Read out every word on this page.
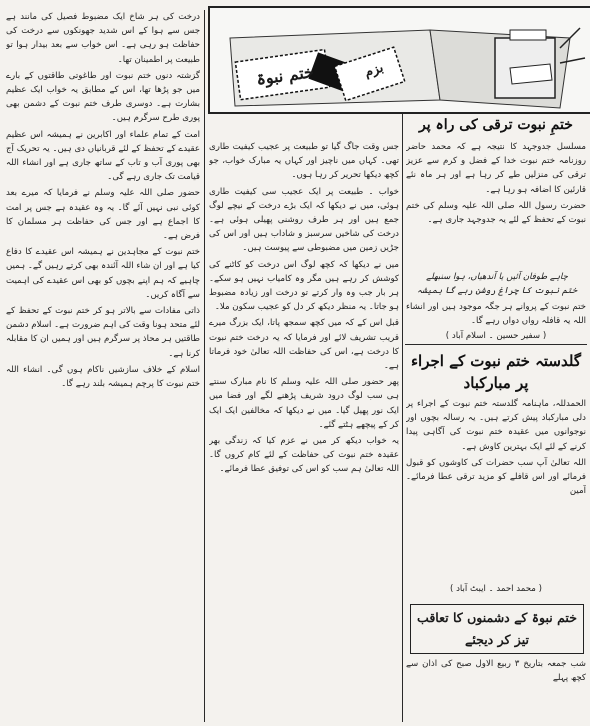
ختم نبوۃ	بزم
ختمِ نبوت ترقی کی راہ پر

مسلسل جدوجہد کا نتیجہ ہے کہ محمد حاضر روزنامہ ختم نبوت خدا کے فضل و کرم سے عزیز ترقی کی منزلیں طے کر رہا ہے اور ہر ماہ نئے قارئین کا اضافہ ہو رہا ہے۔

حضرت رسول اللہ صلی اللہ علیہ وسلم کی ختم نبوت کے تحفظ کے لئے یہ جدوجہد جاری ہے۔

چاہے طوفان آئیں یا آندھیاں، ہوا سنبھلے
ختم نبوت کا چراغ روشن رہے گا ہمیشہ
ختم نبوت کے پروانے ہر جگہ موجود ہیں اور انشاء اللہ یہ قافلہ رواں دواں رہے گا۔
( سفیر حسین ۔ اسلام آباد )
گلدستہ ختم نبوت کے اجراء پر مبارکباد

الحمدللہ، ماہنامہ گلدستہ ختم نبوت کے اجراء پر دلی مبارکباد پیش کرتے ہیں۔ یہ رسالہ بچوں اور نوجوانوں میں عقیدہ ختم نبوت کی آگاہی پیدا کرنے کے لئے ایک بہترین کاوش ہے۔

اللہ تعالیٰ آپ سب حضرات کی کاوشوں کو قبول فرمائے اور اس قافلے کو مزید ترقی عطا فرمائے۔ آمین

( محمد احمد ۔ ایبٹ آباد )
ختم نبوۃ کے دشمنوں کا تعاقب تیز کر دیجئے
شب جمعہ بتاریخ ۳ ربیع الاول صبح کی اذان سے کچھ پہلے

جس وقت جاگ گیا تو طبیعت پر عجیب کیفیت طاری تھی۔ کہاں میں ناچیز اور کہاں یہ مبارک خواب، جو کچھ دیکھا تحریر کر رہا ہوں۔

خواب ۔ طبیعت پر ایک عجیب سی کیفیت طاری ہوئی، میں نے دیکھا کہ ایک بڑے درخت کے نیچے لوگ جمع ہیں اور ہر طرف روشنی پھیلی ہوئی ہے۔ درخت کی شاخیں سرسبز و شاداب ہیں اور اس کی جڑیں زمین میں مضبوطی سے پیوست ہیں۔

میں نے دیکھا کہ کچھ لوگ اس درخت کو کاٹنے کی کوشش کر رہے ہیں مگر وہ کامیاب نہیں ہو سکے۔ ہر بار جب وہ وار کرتے تو درخت اور زیادہ مضبوط ہو جاتا۔ یہ منظر دیکھ کر دل کو عجیب سکون ملا۔

قبل اس کے کہ میں کچھ سمجھ پاتا، ایک بزرگ میرے قریب تشریف لائے اور فرمایا کہ یہ درخت ختم نبوت کا درخت ہے، اس کی حفاظت اللہ تعالیٰ خود فرماتا ہے۔

پھر حضور صلی اللہ علیہ وسلم کا نام مبارک سنتے ہی سب لوگ درود شریف پڑھنے لگے اور فضا میں ایک نور پھیل گیا۔ میں نے دیکھا کہ مخالفین ایک ایک کر کے پیچھے ہٹتے گئے۔

یہ خواب دیکھ کر میں نے عزم کیا کہ زندگی بھر عقیدہ ختم نبوت کی حفاظت کے لئے کام کروں گا۔ اللہ تعالیٰ ہم سب کو اس کی توفیق عطا فرمائے۔

درخت کی ہر شاخ ایک مضبوط فصیل کی مانند ہے جس سے ہوا کے اس شدید جھونکوں سے درخت کی حفاظت ہو رہی ہے۔ اس خواب سے بعد بیدار ہوا تو طبیعت پر اطمینان تھا۔

گزشتہ دنوں ختم نبوت اور طاغوتی طاقتوں کے بارے میں جو پڑھا تھا، اس کے مطابق یہ خواب ایک عظیم بشارت ہے۔ دوسری طرف ختم نبوت کے دشمن بھی پوری طرح سرگرم ہیں۔

امت کے تمام علماء اور اکابرین نے ہمیشہ اس عظیم عقیدے کے تحفظ کے لئے قربانیاں دی ہیں۔ یہ تحریک آج بھی پوری آب و تاب کے ساتھ جاری ہے اور انشاء اللہ قیامت تک جاری رہے گی۔

حضور صلی اللہ علیہ وسلم نے فرمایا کہ میرے بعد کوئی نبی نہیں آئے گا۔ یہ وہ عقیدہ ہے جس پر امت کا اجماع ہے اور جس کی حفاظت ہر مسلمان کا فرض ہے۔

ختم نبوت کے مجاہدین نے ہمیشہ اس عقیدے کا دفاع کیا ہے اور ان شاء اللہ آئندہ بھی کرتے رہیں گے۔ ہمیں چاہیے کہ ہم اپنے بچوں کو بھی اس عقیدے کی اہمیت سے آگاہ کریں۔

ذاتی مفادات سے بالاتر ہو کر ختم نبوت کے تحفظ کے لئے متحد ہونا وقت کی اہم ضرورت ہے۔ اسلام دشمن طاقتیں ہر محاذ پر سرگرم ہیں اور ہمیں ان کا مقابلہ کرنا ہے۔

اسلام کے خلاف سازشیں ناکام ہوں گی۔ انشاء اللہ ختم نبوت کا پرچم ہمیشہ بلند رہے گا۔
